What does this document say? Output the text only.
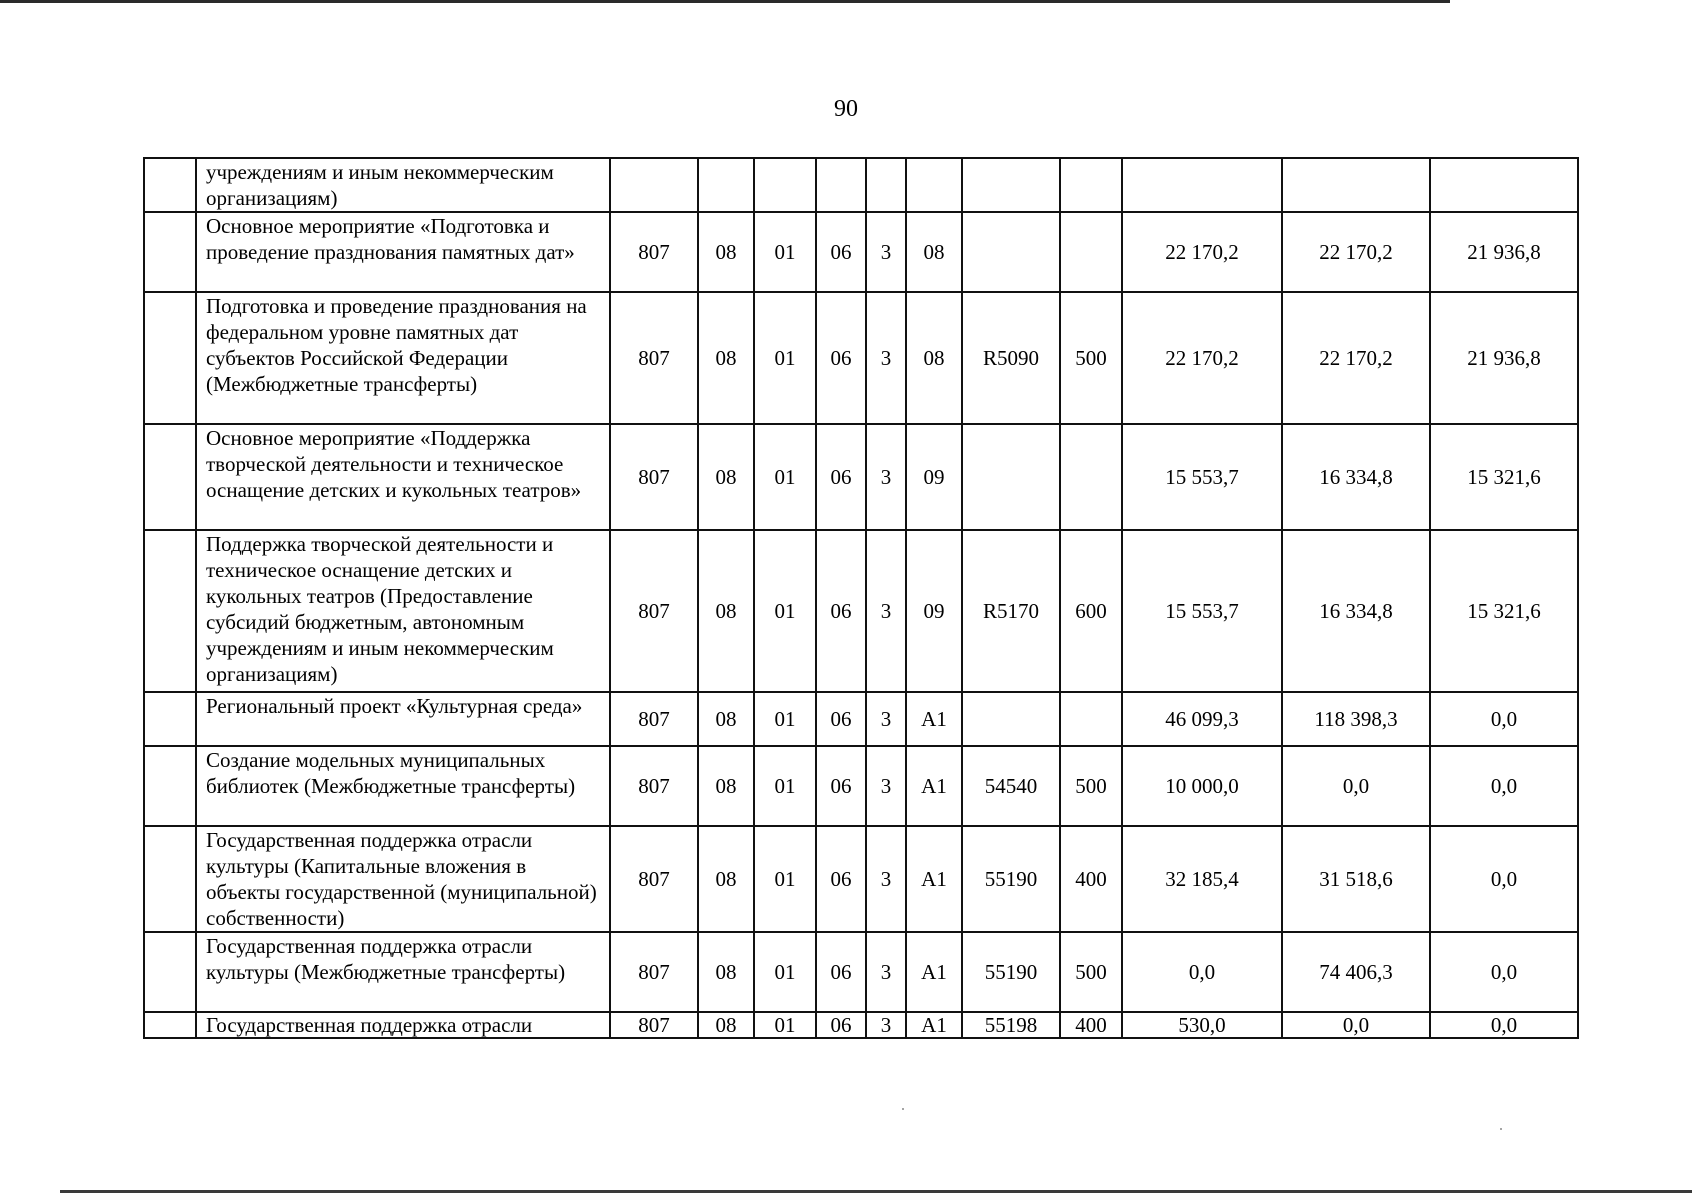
90
	учреждениям и иным некоммерческим организациям)											
	Основное мероприятие «Подготовка и проведение празднования памятных дат»	807	08	01	06	3	08			22 170,2	22 170,2	21 936,8
	Подготовка и проведение празднования на федеральном уровне памятных дат субъектов Российской Федерации (Межбюджетные трансферты)	807	08	01	06	3	08	R5090	500	22 170,2	22 170,2	21 936,8
	Основное мероприятие «Поддержка творческой деятельности и техническое оснащение детских и кукольных театров»	807	08	01	06	3	09			15 553,7	16 334,8	15 321,6
	Поддержка творческой деятельности и техническое оснащение детских и кукольных театров (Предоставление субсидий бюджетным, автономным учреждениям и иным некоммерческим организациям)	807	08	01	06	3	09	R5170	600	15 553,7	16 334,8	15 321,6
	Региональный проект «Культурная среда»	807	08	01	06	3	A1			46 099,3	118 398,3	0,0
	Создание модельных муниципальных библиотек (Межбюджетные трансферты)	807	08	01	06	3	A1	54540	500	10 000,0	0,0	0,0
	Государственная поддержка отрасли культуры (Капитальные вложения в объекты государственной (муниципальной) собственности)	807	08	01	06	3	A1	55190	400	32 185,4	31 518,6	0,0
	Государственная поддержка отрасли культуры (Межбюджетные трансферты)	807	08	01	06	3	A1	55190	500	0,0	74 406,3	0,0
	Государственная поддержка отрасли	807	08	01	06	3	A1	55198	400	530,0	0,0	0,0
